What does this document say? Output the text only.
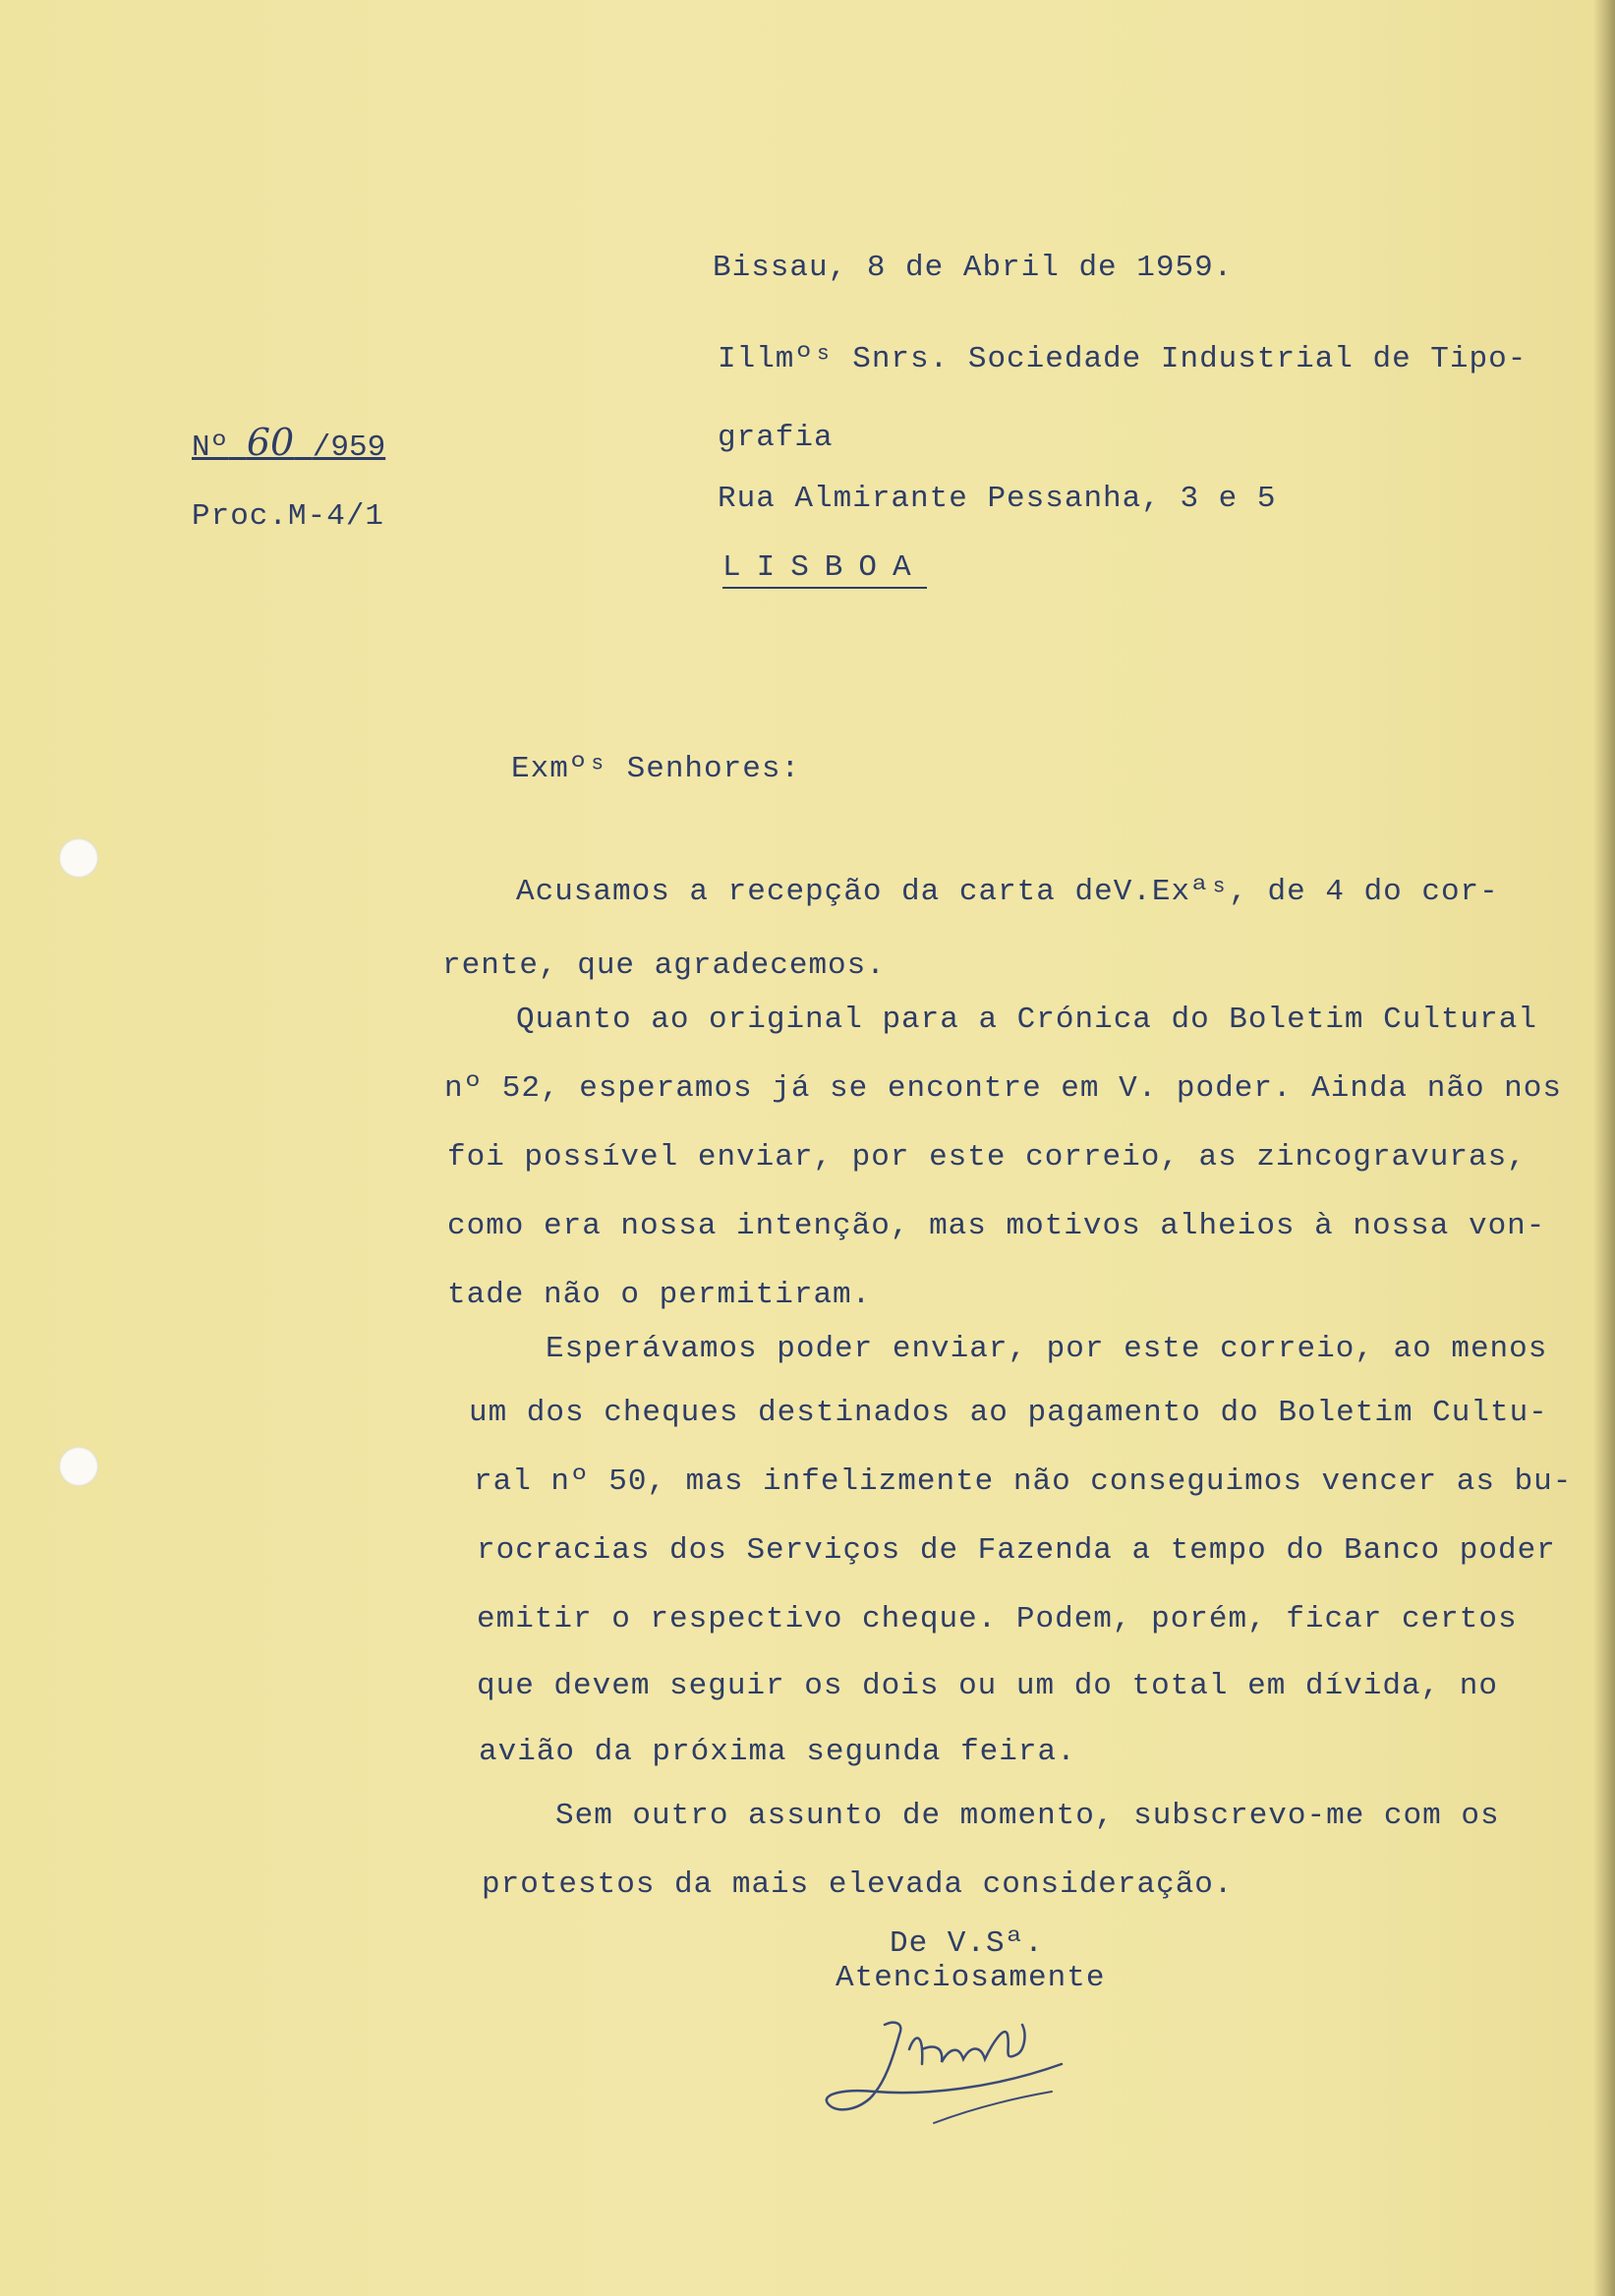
Nº 60 /959
Proc.M-4/1
Bissau, 8 de Abril de 1959.
Illmºˢ Snrs. Sociedade Industrial de Tipo-
grafia
Rua Almirante Pessanha, 3 e 5
LISBOA
Exmºˢ Senhores:
Acusamos a recepção da carta deV.Exªˢ, de 4 do cor-
rente, que agradecemos.
Quanto ao original para a Crónica do Boletim Cultural
nº 52, esperamos já se encontre em V. poder. Ainda não nos
foi possível enviar, por este correio, as zincogravuras,
como era nossa intenção, mas motivos alheios à nossa von-
tade não o permitiram.
Esperávamos poder enviar, por este correio, ao menos
um dos cheques destinados ao pagamento do Boletim Cultu-
ral nº 50, mas infelizmente não conseguimos vencer as bu-
rocracias dos Serviços de Fazenda a tempo do Banco poder
emitir o respectivo cheque. Podem, porém, ficar certos
que devem seguir os dois ou um do total em dívida, no
avião da próxima segunda feira.
Sem outro assunto de momento, subscrevo-me com os
protestos da mais elevada consideração.
De V.Sª.
Atenciosamente
